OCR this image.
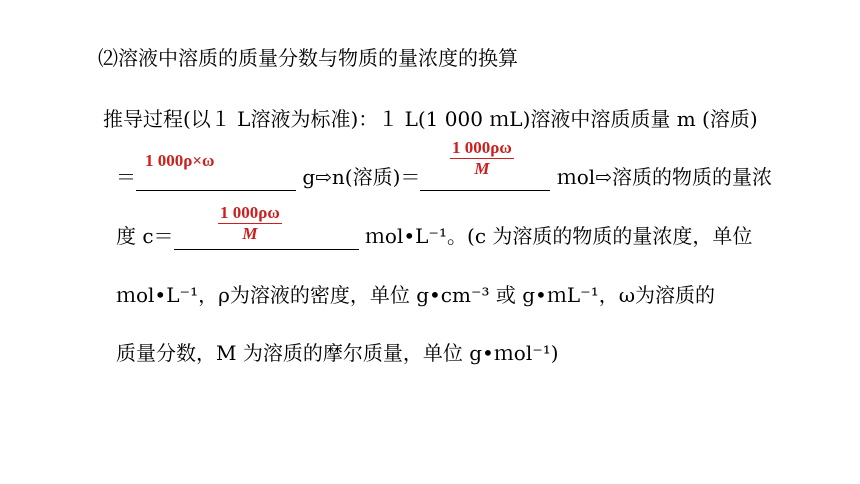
⑵溶液中溶质的质量分数与物质的量浓度的换算
推导过程(以１ L溶液为标准)：１ L(1 000 ｍL)溶液中溶质质量 m (溶质)
＝	g⇨n(溶质)＝	ｍol⇨溶质的物质的量浓
度 c＝	ｍol•L⁻¹。(c 为溶质的物质的量浓度，单位
ｍol•L⁻¹，ρ为溶液的密度，单位 g•cm⁻³ 或 g•ｍL⁻¹，ω为溶质的
质量分数，M 为溶质的摩尔质量，单位 g•ｍol⁻¹)
1 000ρ×ω	$\frac{1 000\rho\omega}{M}$
$\frac{1 000\rho\omega}{M}$
